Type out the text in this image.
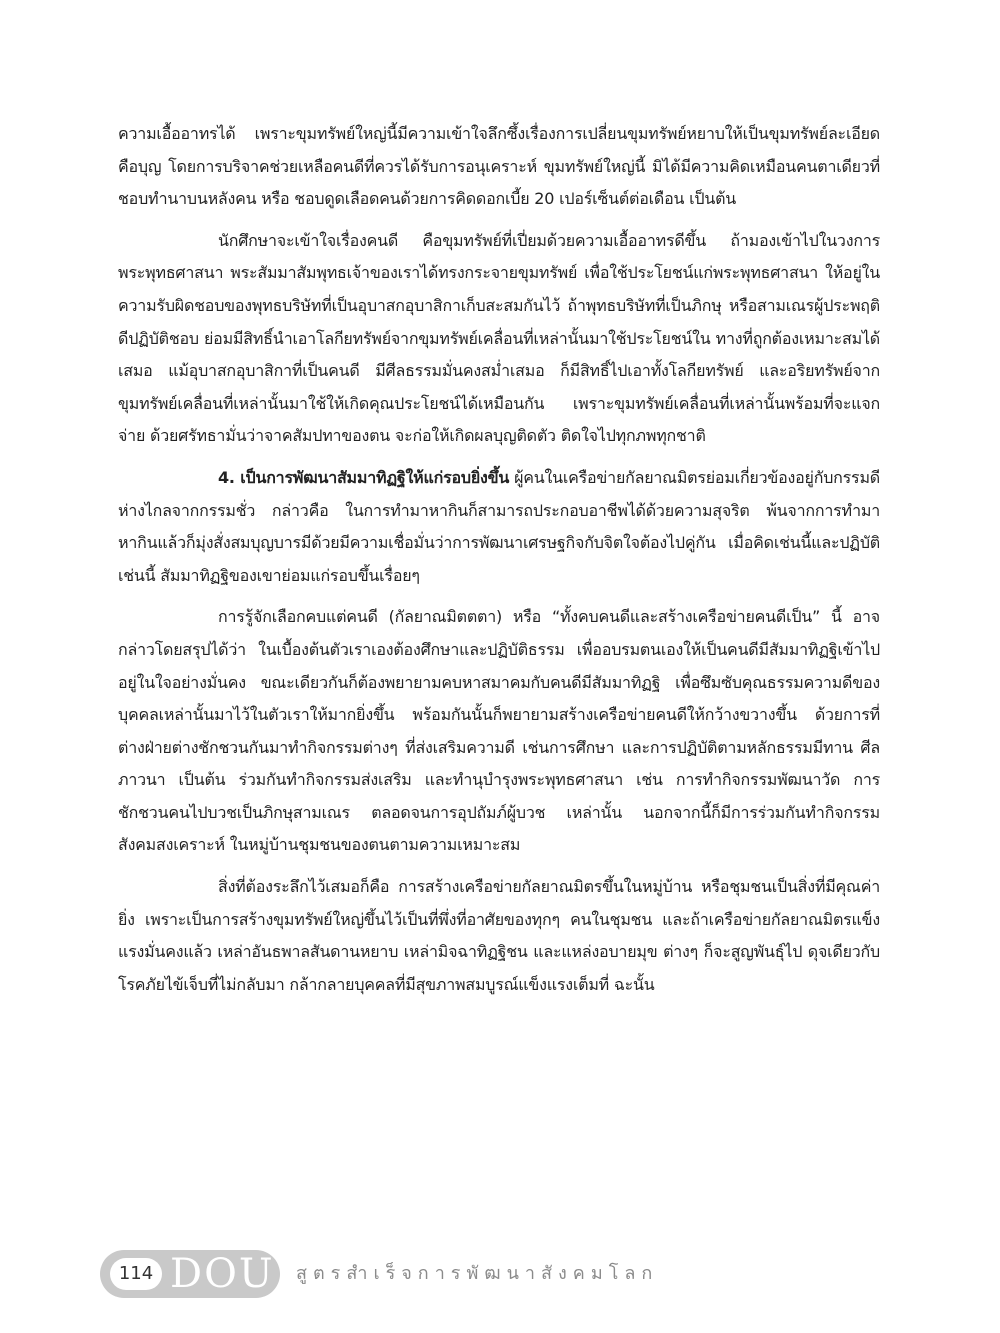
ความเอื้ออาทรได้ เพราะขุมทรัพย์ใหญ่นี้มีความเข้าใจลึกซึ้งเรื่องการเปลี่ยนขุมทรัพย์หยาบให้เป็นขุมทรัพย์ละเอียดคือบุญ โดยการบริจาคช่วยเหลือคนดีที่ควรได้รับการอนุเคราะห์ ขุมทรัพย์ใหญ่นี้ มิได้มีความคิดเหมือนคนตาเดียวที่ชอบทำนาบนหลังคน หรือ ชอบดูดเลือดคนด้วยการคิดดอกเบี้ย 20 เปอร์เซ็นต์ต่อเดือน เป็นต้น

นักศึกษาจะเข้าใจเรื่องคนดี คือขุมทรัพย์ที่เปี่ยมด้วยความเอื้ออาทรดีขึ้น ถ้ามองเข้าไปในวงการพระพุทธศาสนา พระสัมมาสัมพุทธเจ้าของเราได้ทรงกระจายขุมทรัพย์ เพื่อใช้ประโยชน์แก่พระพุทธศาสนา ให้อยู่ในความรับผิดชอบของพุทธบริษัทที่เป็นอุบาสกอุบาสิกาเก็บสะสมกันไว้ ถ้าพุทธบริษัทที่เป็นภิกษุ หรือสามเณรผู้ประพฤติดีปฏิบัติชอบ ย่อมมีสิทธิ์นำเอาโลกียทรัพย์จากขุมทรัพย์เคลื่อนที่เหล่านั้นมาใช้ประโยชน์ใน ทางที่ถูกต้องเหมาะสมได้เสมอ แม้อุบาสกอุบาสิกาที่เป็นคนดี มีศีลธรรมมั่นคงสม่ำเสมอ ก็มีสิทธิ์ไปเอาทั้งโลกียทรัพย์ และอริยทรัพย์จากขุมทรัพย์เคลื่อนที่เหล่านั้นมาใช้ให้เกิดคุณประโยชน์ได้เหมือนกัน เพราะขุมทรัพย์เคลื่อนที่เหล่านั้นพร้อมที่จะแจกจ่าย ด้วยศรัทธามั่นว่าจาคสัมปทาของตน จะก่อให้เกิดผลบุญติดตัว ติดใจไปทุกภพทุกชาติ

4. เป็นการพัฒนาสัมมาทิฏฐิให้แก่รอบยิ่งขึ้น ผู้คนในเครือข่ายกัลยาณมิตรย่อมเกี่ยวข้องอยู่กับกรรมดีห่างไกลจากกรรมชั่ว กล่าวคือ ในการทำมาหากินก็สามารถประกอบอาชีพได้ด้วยความสุจริต พ้นจากการทำมาหากินแล้วก็มุ่งสั่งสมบุญบารมีด้วยมีความเชื่อมั่นว่าการพัฒนาเศรษฐกิจกับจิตใจต้องไปคู่กัน เมื่อคิดเช่นนี้และปฏิบัติเช่นนี้ สัมมาทิฏฐิของเขาย่อมแก่รอบขึ้นเรื่อยๆ

การรู้จักเลือกคบแต่คนดี (กัลยาณมิตตตา) หรือ “ทั้งคบคนดีและสร้างเครือข่ายคนดีเป็น” นี้ อาจกล่าวโดยสรุปได้ว่า ในเบื้องต้นตัวเราเองต้องศึกษาและปฏิบัติธรรม เพื่ออบรมตนเองให้เป็นคนดีมีสัมมาทิฏฐิเข้าไปอยู่ในใจอย่างมั่นคง ขณะเดียวกันก็ต้องพยายามคบหาสมาคมกับคนดีมีสัมมาทิฏฐิ เพื่อซึมซับคุณธรรมความดีของบุคคลเหล่านั้นมาไว้ในตัวเราให้มากยิ่งขึ้น พร้อมกันนั้นก็พยายามสร้างเครือข่ายคนดีให้กว้างขวางขึ้น ด้วยการที่ต่างฝ่ายต่างชักชวนกันมาทำกิจกรรมต่างๆ ที่ส่งเสริมความดี เช่นการศึกษา และการปฏิบัติตามหลักธรรมมีทาน ศีล ภาวนา เป็นต้น ร่วมกันทำกิจกรรมส่งเสริม และทำนุบำรุงพระพุทธศาสนา เช่น การทำกิจกรรมพัฒนาวัด การชักชวนคนไปบวชเป็นภิกษุสามเณร ตลอดจนการอุปถัมภ์ผู้บวช เหล่านั้น นอกจากนี้ก็มีการร่วมกันทำกิจกรรมสังคมสงเคราะห์ ในหมู่บ้านชุมชนของตนตามความเหมาะสม

สิ่งที่ต้องระลึกไว้เสมอก็คือ การสร้างเครือข่ายกัลยาณมิตรขึ้นในหมู่บ้าน หรือชุมชนเป็นสิ่งที่มีคุณค่ายิ่ง เพราะเป็นการสร้างขุมทรัพย์ใหญ่ขึ้นไว้เป็นที่พึ่งที่อาศัยของทุกๆ คนในชุมชน และถ้าเครือข่ายกัลยาณมิตรแข็งแรงมั่นคงแล้ว เหล่าอันธพาลสันดานหยาบ เหล่ามิจฉาทิฏฐิชน และแหล่งอบายมุข ต่างๆ ก็จะสูญพันธุ์ไป ดุจเดียวกับโรคภัยไข้เจ็บที่ไม่กลับมา กล้ากลายบุคคลที่มีสุขภาพสมบูรณ์แข็งแรงเต็มที่ ฉะนั้น

114 DOU สูตรสำเร็จการพัฒนาสังคมโลก
